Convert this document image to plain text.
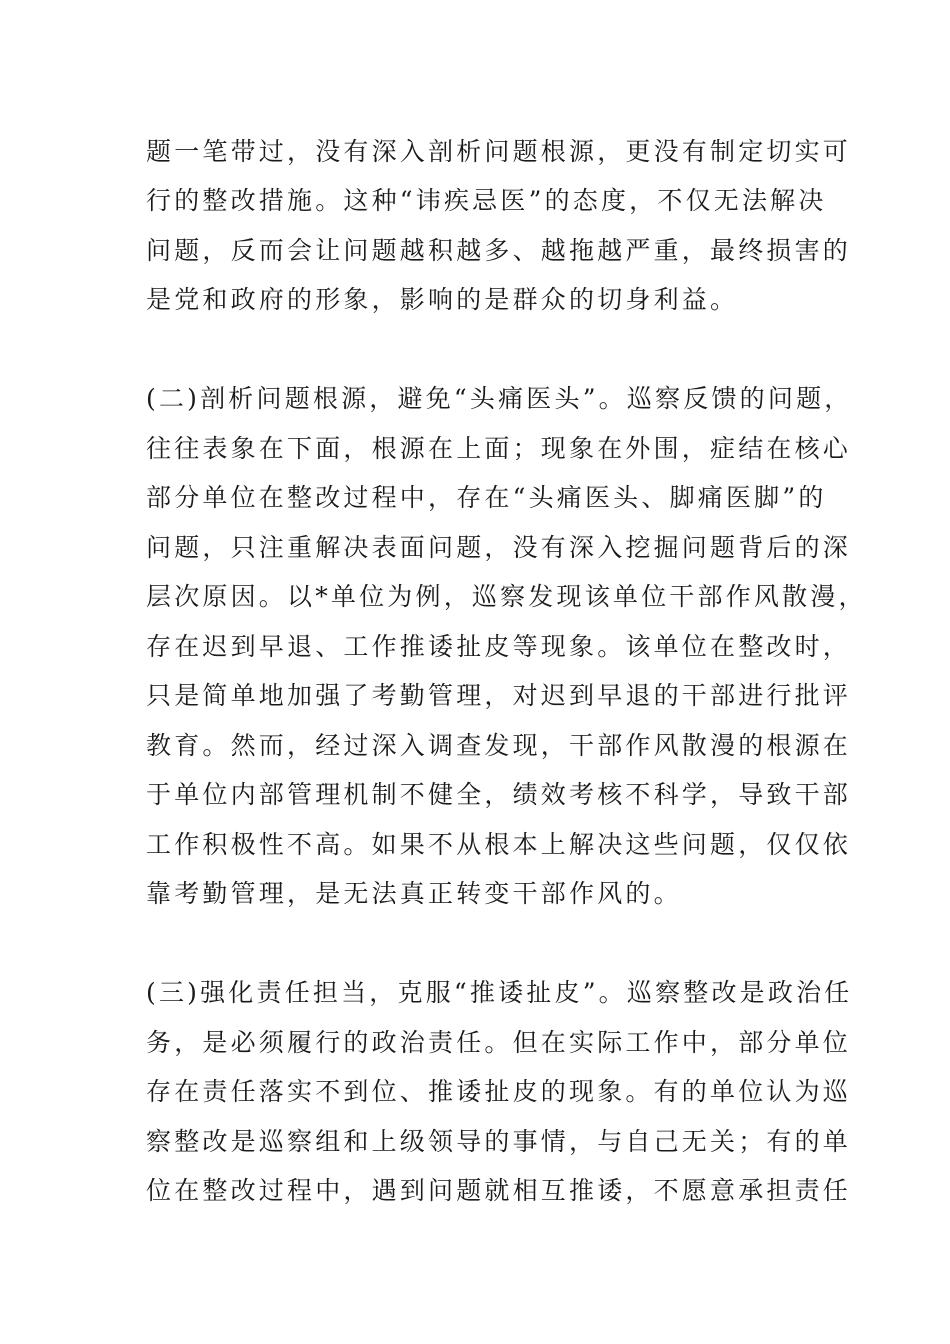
题一笔带过，没有深入剖析问题根源，更没有制定切实可

行的整改措施。这种“讳疾忌医”的态度，不仅无法解决

问题，反而会让问题越积越多、越拖越严重，最终损害的

是党和政府的形象，影响的是群众的切身利益。

(二)剖析问题根源，避免“头痛医头”。巡察反馈的问题，

往往表象在下面，根源在上面；现象在外围，症结在核心

部分单位在整改过程中，存在“头痛医头、脚痛医脚”的

问题，只注重解决表面问题，没有深入挖掘问题背后的深

层次原因。以*单位为例，巡察发现该单位干部作风散漫，

存在迟到早退、工作推诿扯皮等现象。该单位在整改时，

只是简单地加强了考勤管理，对迟到早退的干部进行批评

教育。然而，经过深入调查发现，干部作风散漫的根源在

于单位内部管理机制不健全，绩效考核不科学，导致干部

工作积极性不高。如果不从根本上解决这些问题，仅仅依

靠考勤管理，是无法真正转变干部作风的。

(三)强化责任担当，克服“推诿扯皮”。巡察整改是政治任

务，是必须履行的政治责任。但在实际工作中，部分单位

存在责任落实不到位、推诿扯皮的现象。有的单位认为巡

察整改是巡察组和上级领导的事情，与自己无关；有的单

位在整改过程中，遇到问题就相互推诿，不愿意承担责任
